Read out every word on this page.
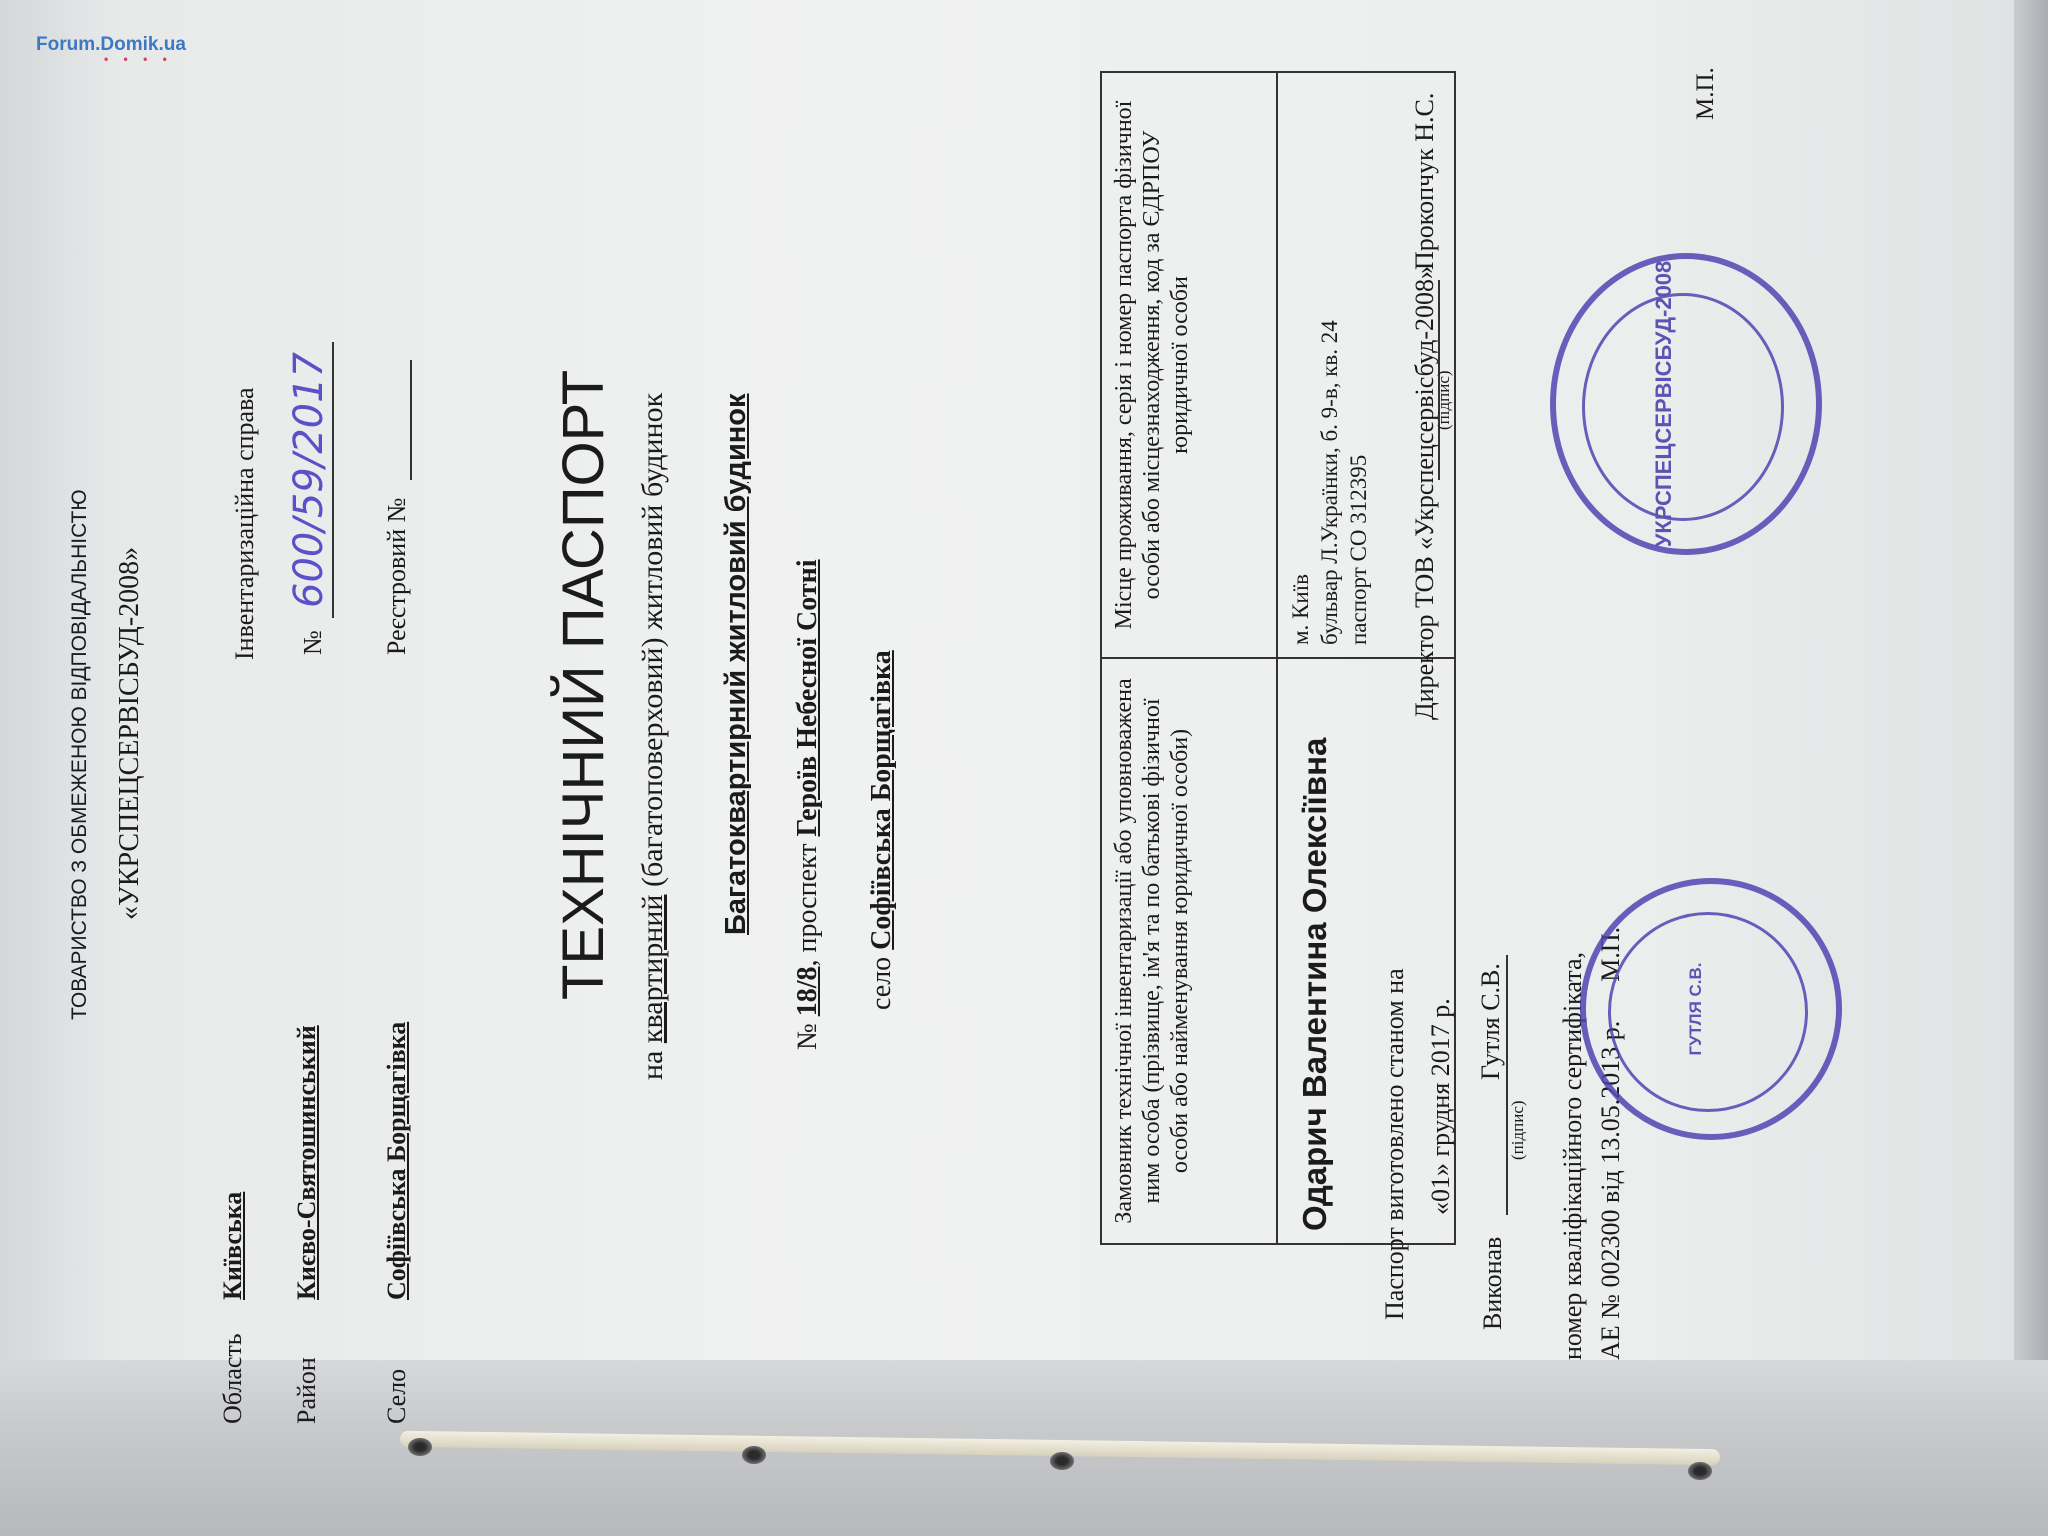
Forum.Domik.ua
• • • •
ТОВАРИСТВО З ОБМЕЖЕНОЮ ВІДПОВІДАЛЬНІСТЮ «УКРСПЕЦСЕРВІСБУД-2008»
Область
Київська
Район
Києво-Святошинський
Село
Софіївська Борщагівка
Інвентаризаційна справа №
600/59/2017 Реєстровий № ТЕХНІЧНИЙ ПАСПОРТ
на квартирний (багатоповерховий) житловий будинок Багатоквартирний житловий будинок
№ 18/8, проспект Героїв Небесної Сотні
село Софіївська Борщагівка	Замовник технічної інвентаризації або уповноважена ним особа (прізвище, ім'я та по батькові фізичної особи або найменування юридичної особи)	Місце проживання, серія і номер паспорта фізичної особи або місцезнаходження, код за ЄДРПОУ юридичної особи
Одарич Валентина Олексіївна	м. Київ бульвар Л.Українки, б. 9-в, кв. 24 паспорт СО 312395
Паспорт виготовлено станом на «01» грудня 2017 р.
Виконав
(підпис)
Гутля С.В. номер кваліфікаційного сертифіката, АЕ № 002300 від 13.05.2013 р.      М.П.
Директор ТОВ «Укрспецсервісбуд-2008»
(підпис)
Прокопчук Н.С.	М.П.
ГУТЛЯ С.В.
УКРСПЕЦСЕРВІСБУД-2008
